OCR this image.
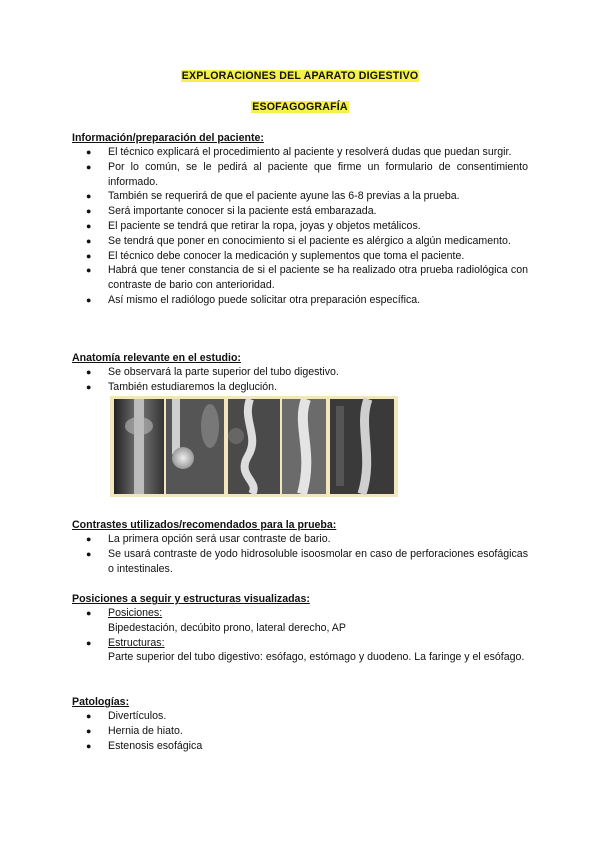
EXPLORACIONES DEL APARATO DIGESTIVO
ESOFAGOGRAFÍA
Información/preparación del paciente:
● El técnico explicará el procedimiento al paciente y resolverá dudas que puedan surgir.
● Por lo común, se le pedirá al paciente que firme un formulario de consentimiento informado.
● También se requerirá de que el paciente ayune las 6-8 previas a la prueba.
● Será importante conocer si la paciente está embarazada.
● El paciente se tendrá que retirar la ropa, joyas y objetos metálicos.
● Se tendrá que poner en conocimiento si el paciente es alérgico a algún medicamento.
● El técnico debe conocer la medicación y suplementos que toma el paciente.
● Habrá que tener constancia de si el paciente se ha realizado otra prueba radiológica con contraste de bario con anterioridad.
● Así mismo el radiólogo puede solicitar otra preparación específica.
Anatomía relevante en el estudio:
● Se observará la parte superior del tubo digestivo.
● También estudiaremos la deglución.
Contrastes utilizados/recomendados para la prueba:
● La primera opción será usar contraste de bario.
● Se usará contraste de yodo hidrosoluble isoosmolar en caso de perforaciones esofágicas o intestinales.
Posiciones a seguir y estructuras visualizadas:
● Posiciones:
Bipedestación, decúbito prono, lateral derecho, AP
● Estructuras:
Parte superior del tubo digestivo: esófago, estómago y duodeno. La faringe y el esófago.
Patologías:
● Divertículos.
● Hernia de hiato.
● Estenosis esofágica
